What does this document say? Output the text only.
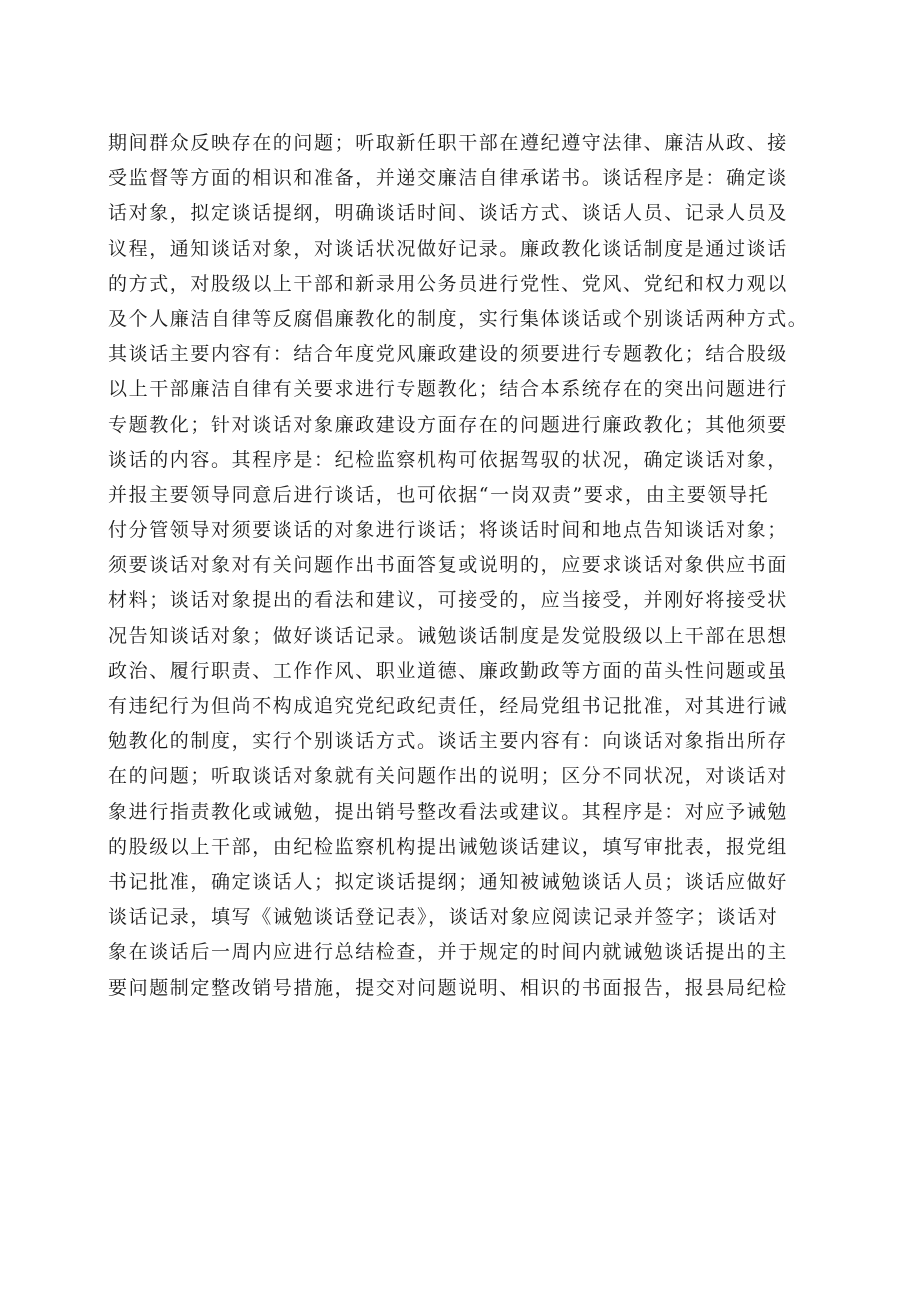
期间群众反映存在的问题；听取新任职干部在遵纪遵守法律、廉洁从政、接
受监督等方面的相识和准备，并递交廉洁自律承诺书。谈话程序是：确定谈
话对象，拟定谈话提纲，明确谈话时间、谈话方式、谈话人员、记录人员及
议程，通知谈话对象，对谈话状况做好记录。廉政教化谈话制度是通过谈话
的方式，对股级以上干部和新录用公务员进行党性、党风、党纪和权力观以
及个人廉洁自律等反腐倡廉教化的制度，实行集体谈话或个别谈话两种方式。
其谈话主要内容有：结合年度党风廉政建设的须要进行专题教化；结合股级
以上干部廉洁自律有关要求进行专题教化；结合本系统存在的突出问题进行
专题教化；针对谈话对象廉政建设方面存在的问题进行廉政教化；其他须要
谈话的内容。其程序是：纪检监察机构可依据驾驭的状况，确定谈话对象，
并报主要领导同意后进行谈话，也可依据“一岗双责”要求，由主要领导托
付分管领导对须要谈话的对象进行谈话；将谈话时间和地点告知谈话对象；
须要谈话对象对有关问题作出书面答复或说明的，应要求谈话对象供应书面
材料；谈话对象提出的看法和建议，可接受的，应当接受，并刚好将接受状
况告知谈话对象；做好谈话记录。诫勉谈话制度是发觉股级以上干部在思想
政治、履行职责、工作作风、职业道德、廉政勤政等方面的苗头性问题或虽
有违纪行为但尚不构成追究党纪政纪责任，经局党组书记批准，对其进行诫
勉教化的制度，实行个别谈话方式。谈话主要内容有：向谈话对象指出所存
在的问题；听取谈话对象就有关问题作出的说明；区分不同状况，对谈话对
象进行指责教化或诫勉，提出销号整改看法或建议。其程序是：对应予诫勉
的股级以上干部，由纪检监察机构提出诫勉谈话建议，填写审批表，报党组
书记批准，确定谈话人；拟定谈话提纲；通知被诫勉谈话人员；谈话应做好
谈话记录，填写《诫勉谈话登记表》，谈话对象应阅读记录并签字；谈话对
象在谈话后一周内应进行总结检查，并于规定的时间内就诫勉谈话提出的主
要问题制定整改销号措施，提交对问题说明、相识的书面报告，报县局纪检
